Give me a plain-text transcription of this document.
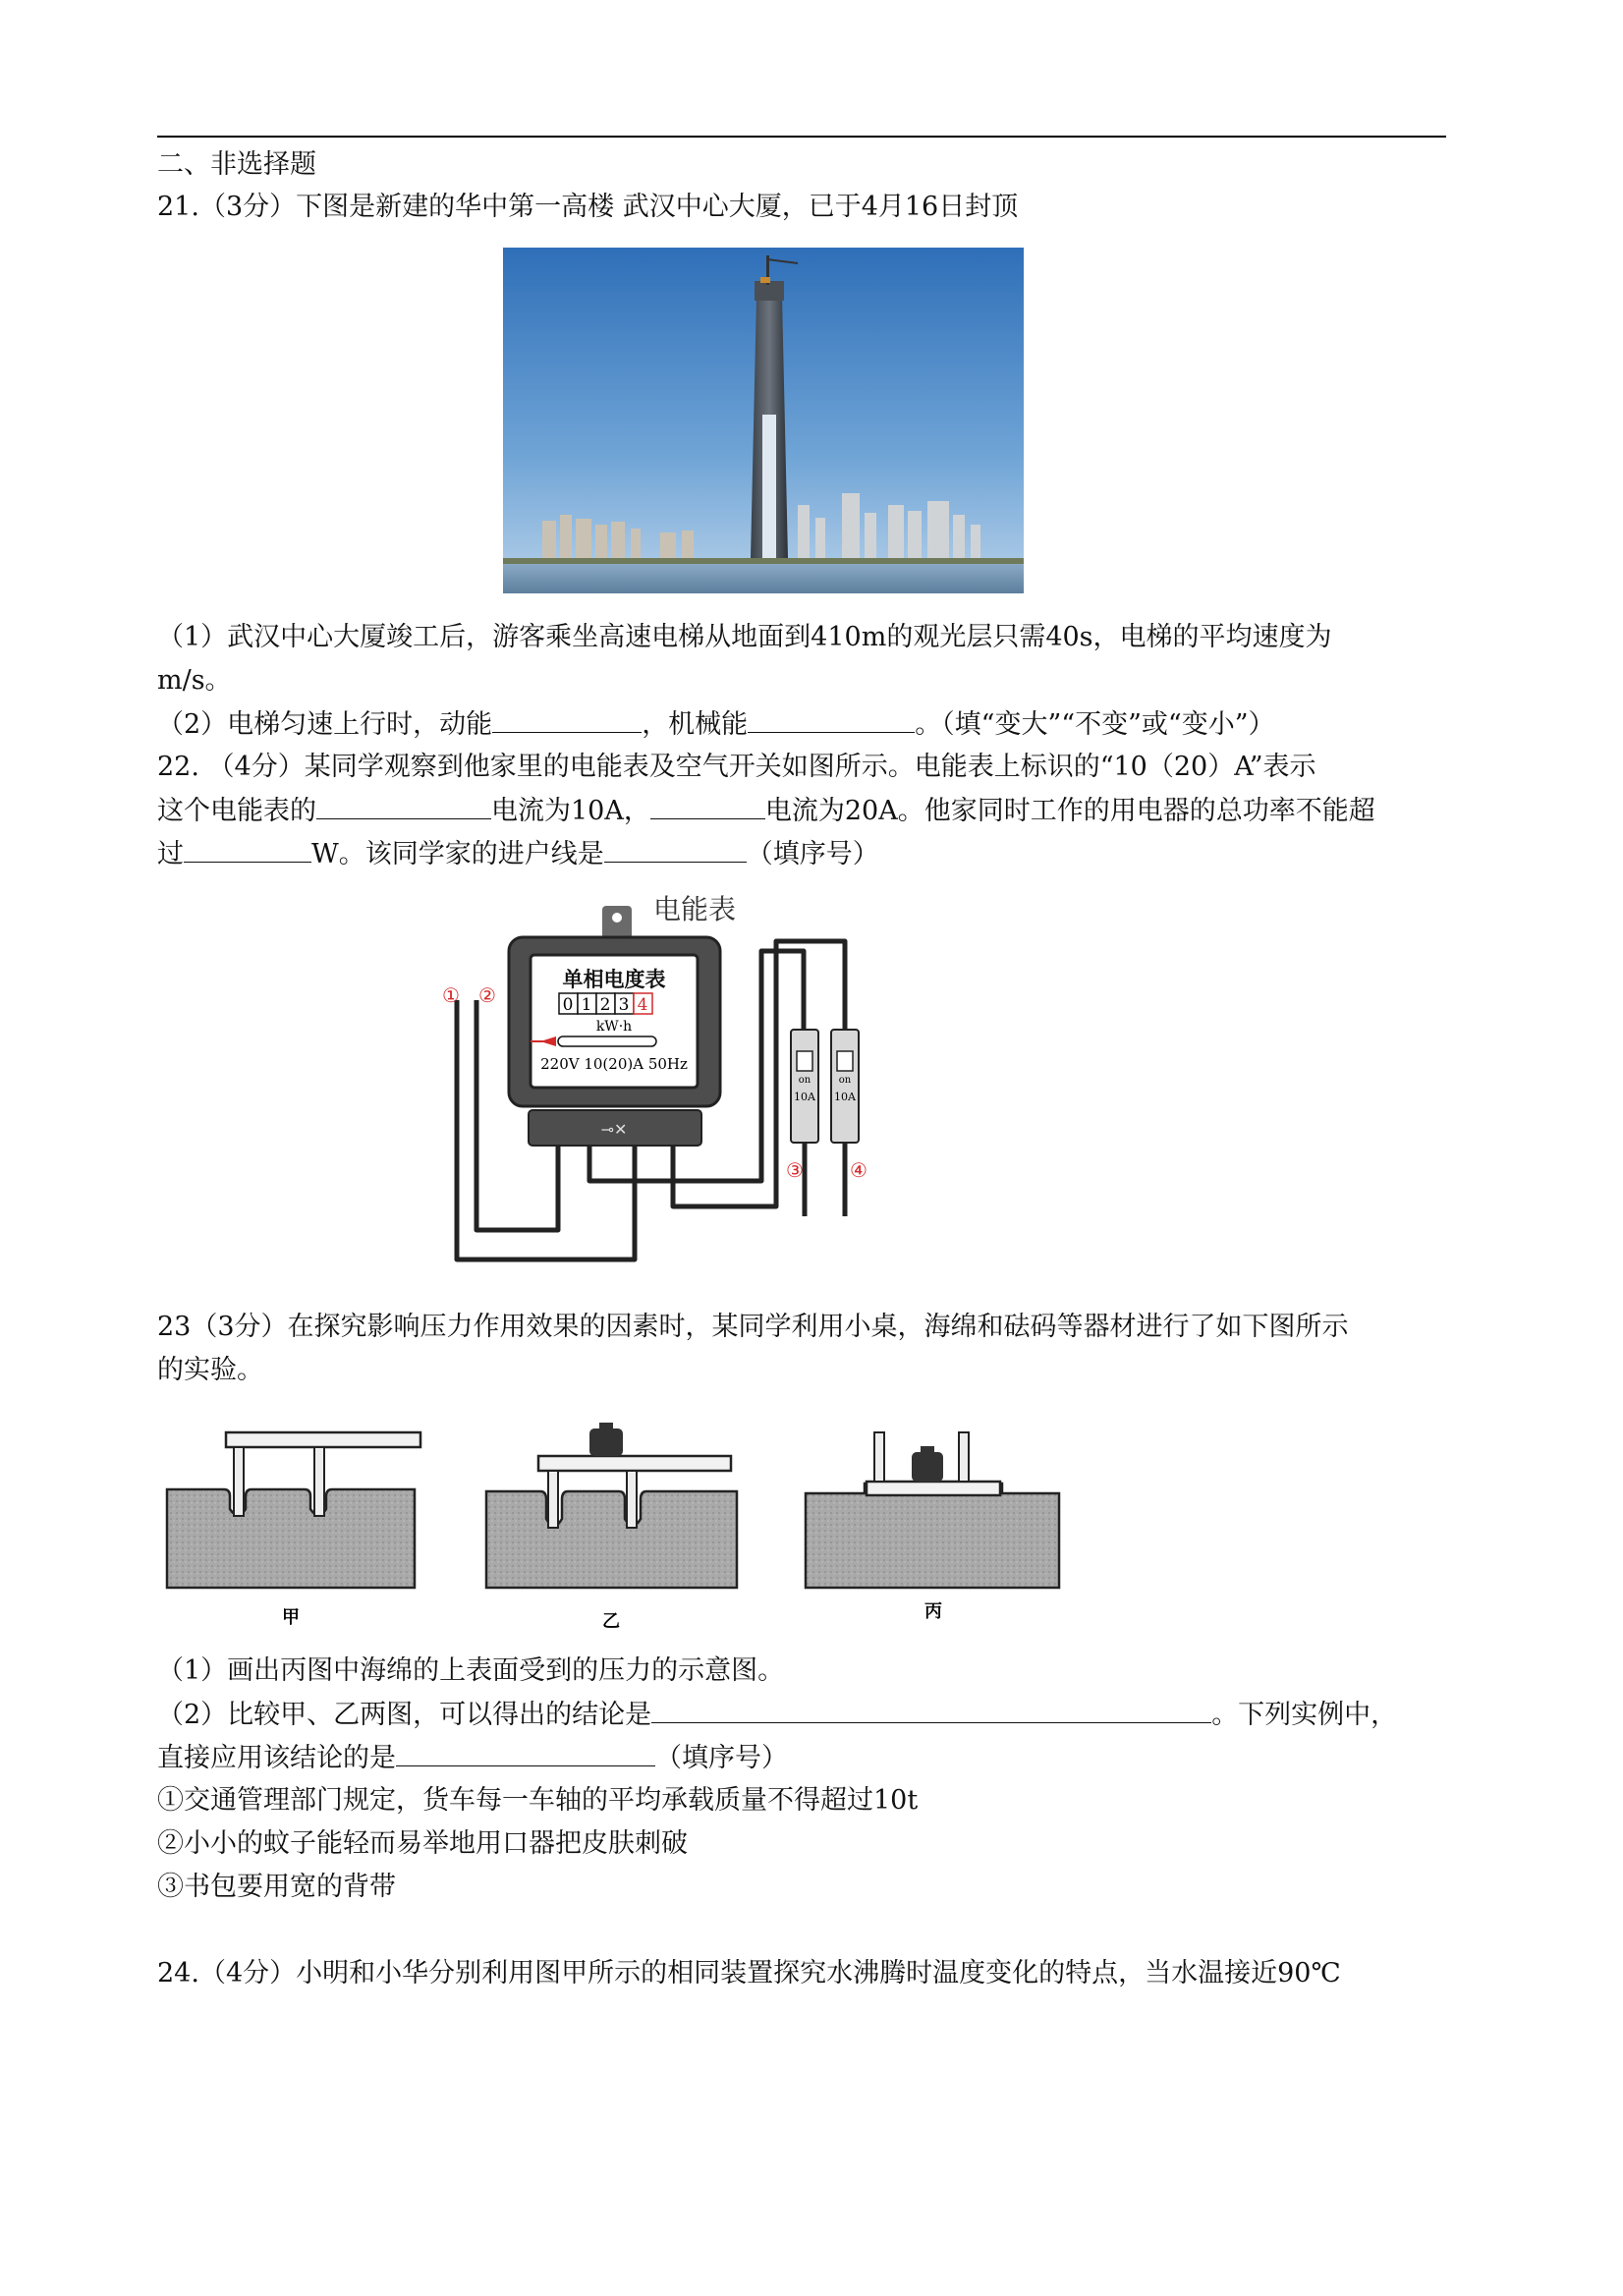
二、非选择题
21.（3分）下图是新建的华中第一高楼 武汉中心大厦，已于4月16日封顶
（1）武汉中心大厦竣工后，游客乘坐高速电梯从地面到410m的观光层只需40s，电梯的平均速度为
m/s。
（2）电梯匀速上行时，动能	，机械能	。（填“变大”“不变”或“变小”）
22. （4分）某同学观察到他家里的电能表及空气开关如图所示。电能表上标识的“10（20）A”表示
这个电能表的	电流为10A，	电流为20A。他家同时工作的用电器的总功率不能超
过	W。该同学家的进户线是	（填序号）
电能表
单相电度表
0 1 2 3 4
kW·h
220V 10(20)A 50Hz
⊸✕
on
10A
on
10A
① ②
③ ④
23（3分）在探究影响压力作用效果的因素时，某同学利用小桌，海绵和砝码等器材进行了如下图所示
的实验。
甲	乙	丙
（1）画出丙图中海绵的上表面受到的压力的示意图。
（2）比较甲、乙两图，可以得出的结论是	。下列实例中，
直接应用该结论的是	（填序号）
①交通管理部门规定，货车每一车轴的平均承载质量不得超过10t
②小小的蚊子能轻而易举地用口器把皮肤刺破
③书包要用宽的背带
24.（4分）小明和小华分别利用图甲所示的相同装置探究水沸腾时温度变化的特点，当水温接近90℃
